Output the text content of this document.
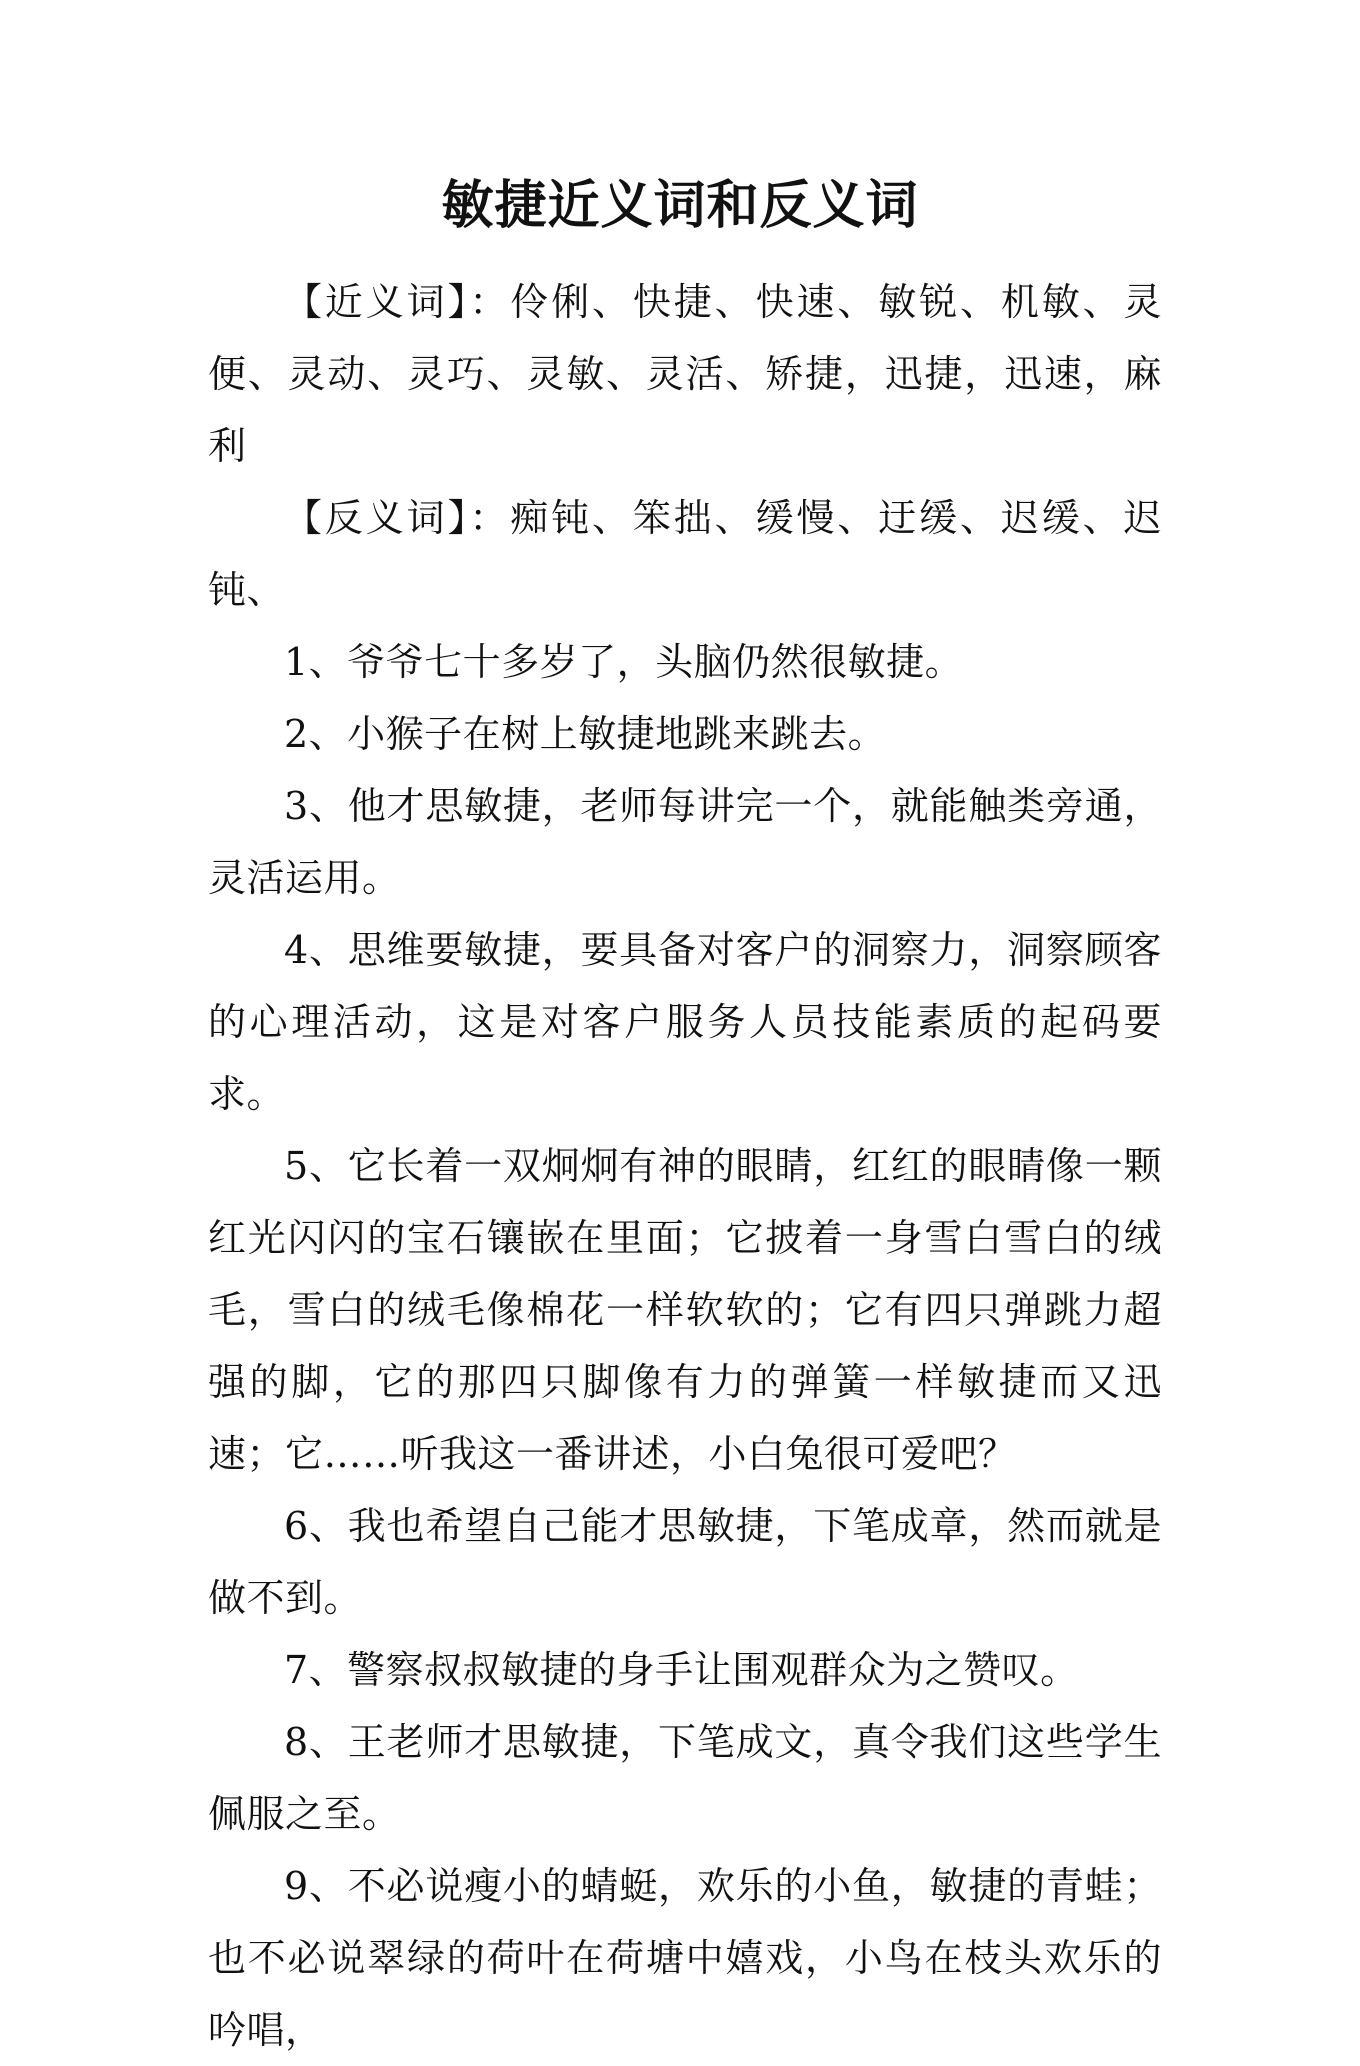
敏捷近义词和反义词

【近义词】：伶俐、快捷、快速、敏锐、机敏、灵便、灵动、灵巧、灵敏、灵活、矫捷，迅捷，迅速，麻利

【反义词】：痴钝、笨拙、缓慢、迂缓、迟缓、迟钝、

1、爷爷七十多岁了，头脑仍然很敏捷。

2、小猴子在树上敏捷地跳来跳去。

3、他才思敏捷，老师每讲完一个，就能触类旁通，灵活运用。

4、思维要敏捷，要具备对客户的洞察力，洞察顾客的心理活动，这是对客户服务人员技能素质的起码要求。

5、它长着一双炯炯有神的眼睛，红红的眼睛像一颗红光闪闪的宝石镶嵌在里面；它披着一身雪白雪白的绒毛，雪白的绒毛像棉花一样软软的；它有四只弹跳力超强的脚，它的那四只脚像有力的弹簧一样敏捷而又迅速；它……听我这一番讲述，小白兔很可爱吧？

6、我也希望自己能才思敏捷，下笔成章，然而就是做不到。

7、警察叔叔敏捷的身手让围观群众为之赞叹。

8、王老师才思敏捷，下笔成文，真令我们这些学生佩服之至。

9、不必说瘦小的蜻蜓，欢乐的小鱼，敏捷的青蛙；也不必说翠绿的荷叶在荷塘中嬉戏，小鸟在枝头欢乐的吟唱，
